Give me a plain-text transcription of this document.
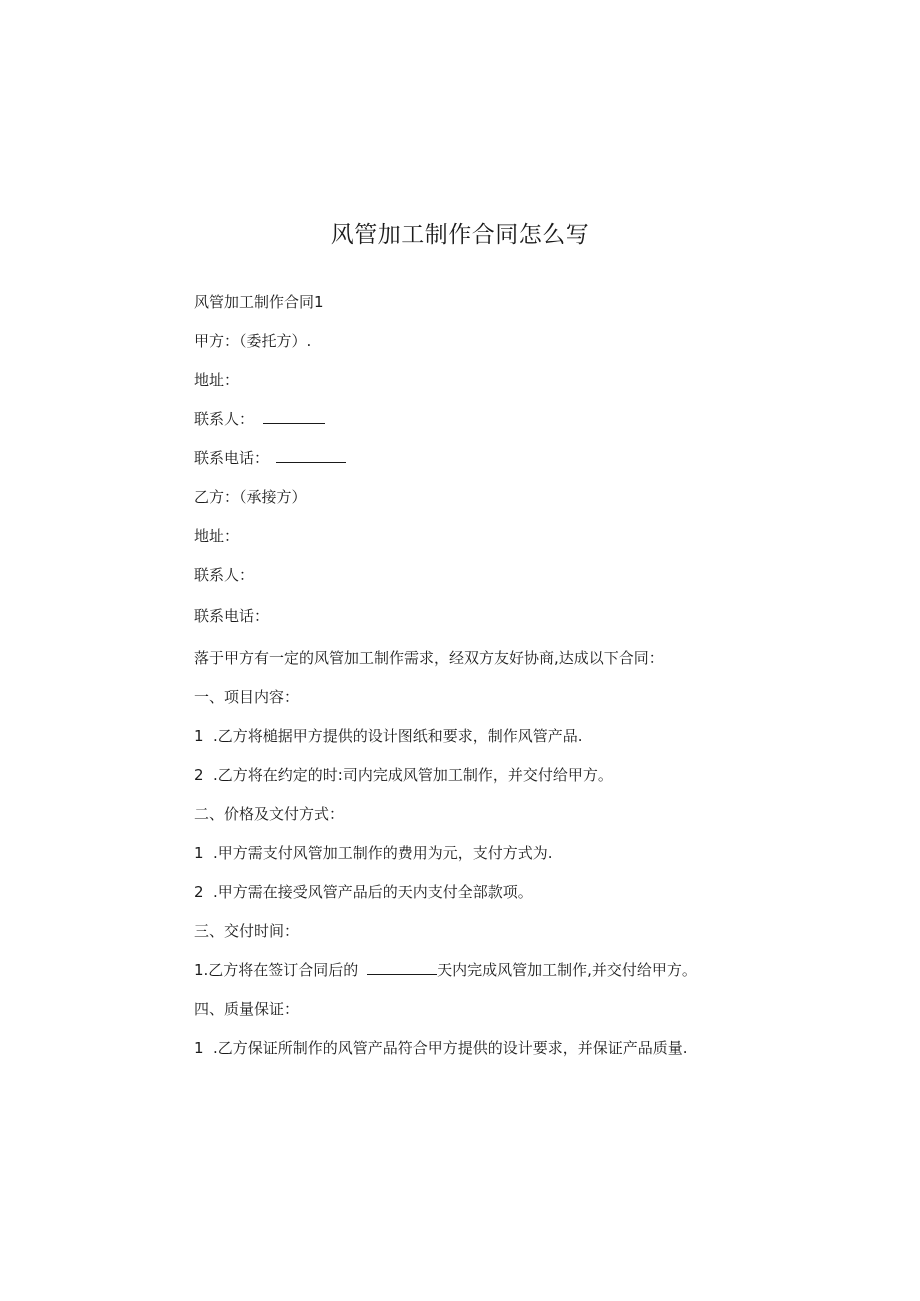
风管加工制作合同怎么写
风管加工制作合同1
甲方：（委托方）.
地址：
联系人：
联系电话：
乙方：（承接方）
地址：
联系人：
联系电话：
落于甲方有一定的风管加工制作需求，经双方友好协商,达成以下合同：
一、项目内容：
1 .乙方将槌据甲方提供的设计图纸和要求，制作风管产品.
2 .乙方将在约定的时:司内完成风管加工制作，并交付给甲方。
二、价格及文付方式：
1 .甲方需支付风管加工制作的费用为元，支付方式为.
2 .甲方需在接受风管产品后的天内支付全部款项。
三、交付时间：
1.乙方将在签订合同后的	天内完成风管加工制作,并交付给甲方。
四、质量保证：
1 .乙方保证所制作的风管产品符合甲方提供的设计要求，并保证产品质量.
